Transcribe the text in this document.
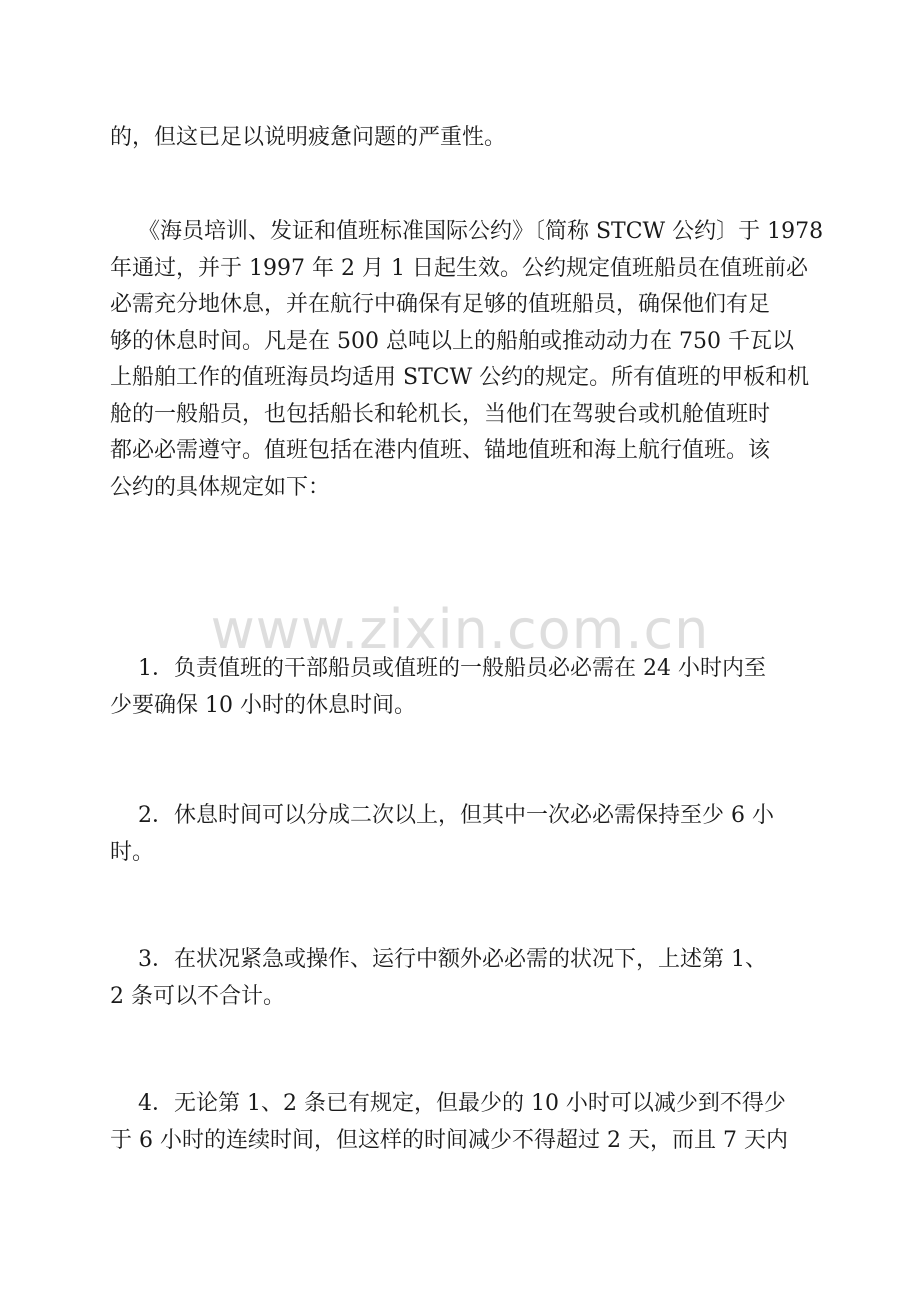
的，但这已足以说明疲惫问题的严重性。
《海员培训、发证和值班标准国际公约》〔简称 STCW 公约〕于 1978
年通过，并于 1997 年 2 月 1 日起生效。公约规定值班船员在值班前必
必需充分地休息，并在航行中确保有足够的值班船员，确保他们有足
够的休息时间。凡是在 500 总吨以上的船舶或推动动力在 750 千瓦以
上船舶工作的值班海员均适用 STCW 公约的规定。所有值班的甲板和机
舱的一般船员，也包括船长和轮机长，当他们在驾驶台或机舱值班时
都必必需遵守。值班包括在港内值班、锚地值班和海上航行值班。该
公约的具体规定如下：
1．负责值班的干部船员或值班的一般船员必必需在 24 小时内至
少要确保 10 小时的休息时间。
2．休息时间可以分成二次以上，但其中一次必必需保持至少 6 小
时。
3．在状况紧急或操作、运行中额外必必需的状况下，上述第 1、
2 条可以不合计。
4．无论第 1、2 条已有规定，但最少的 10 小时可以减少到不得少
于 6 小时的连续时间，但这样的时间减少不得超过 2 天，而且 7 天内
www.zixin.com.cn
